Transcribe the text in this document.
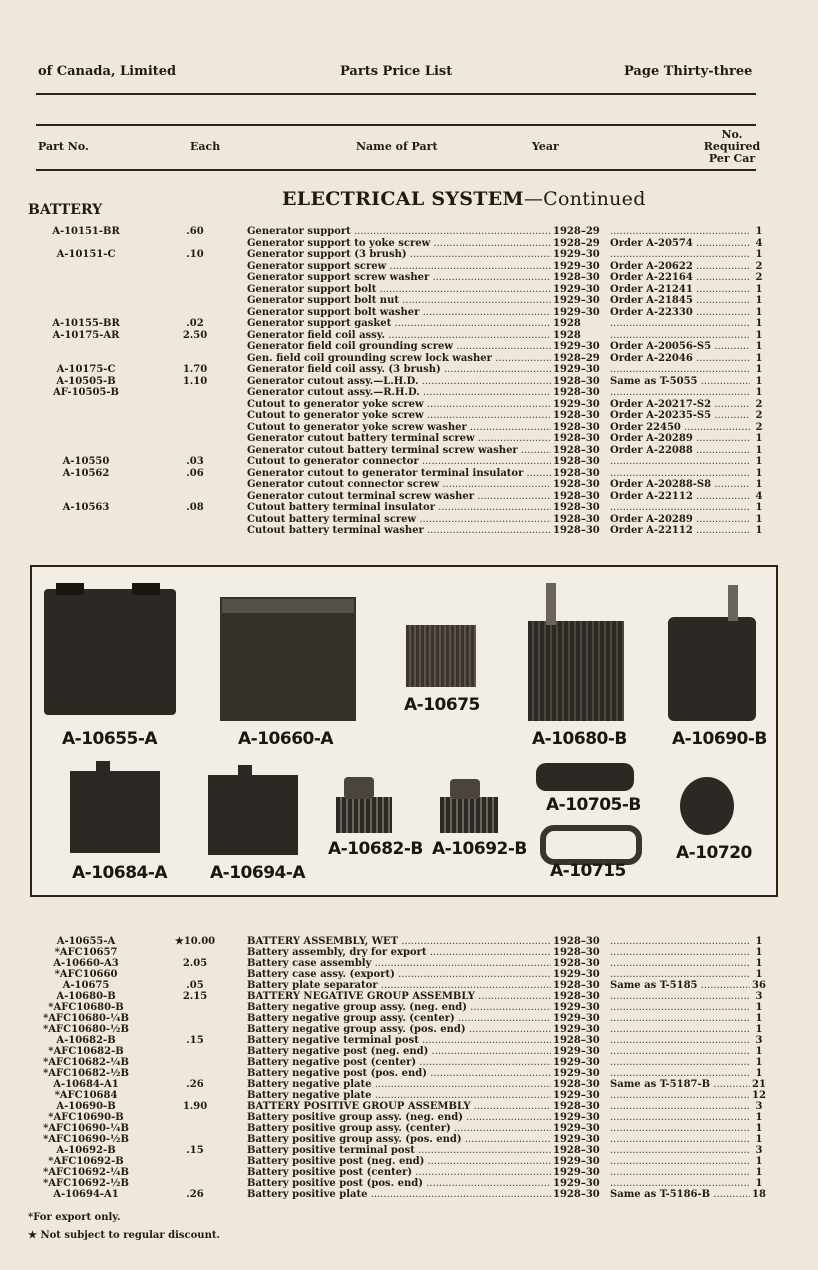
of Canada, Limited	Parts Price List	Page Thirty-three
Part No.	Each	Name of Part	Year
No.
Required
Per Car
ELECTRICAL SYSTEM—Continued
BATTERY
A-10151-BR	.60	Generator support .....	1928–29 .....	1
Generator support to yoke screw .....	1928–29	Order A-20574 .....	4
A-10151-C	.10	Generator support (3 brush) .....	1929–30 .....	1
Generator support screw .....	1929–30	Order A-20622 .....	2
Generator support screw washer .....	1928–30	Order A-22164 .....	2
Generator support bolt .....	1929–30	Order A-21241 .....	1
Generator support bolt nut .....	1929–30	Order A-21845 .....	1
Generator support bolt washer .....	1929–30	Order A-22330 .....	1
A-10155-BR	.02	Generator support gasket .....	1928 .....	1
A-10175-AR	2.50	Generator field coil assy. .....	1928 .....	1
Generator field coil grounding screw .....	1929–30	Order A-20056-S5 .....	1
Gen. field coil grounding screw lock washer .....	1928–29	Order A-22046 .....	1
A-10175-C	1.70	Generator field coil assy. (3 brush) .....	1929–30 .....	1
A-10505-B	1.10	Generator cutout assy.—L.H.D. .....	1928–30	Same as T-5055 .....	1
AF-10505-B	Generator cutout assy.—R.H.D. .....	1928–30 .....	1
Cutout to generator yoke screw .....	1929–30	Order A-20217-S2 .....	2
Cutout to generator yoke screw .....	1928–30	Order A-20235-S5 .....	2
Cutout to generator yoke screw washer .....	1928–30	Order 22450 .....	2
Generator cutout battery terminal screw .....	1928–30	Order A-20289 .....	1
Generator cutout battery terminal screw washer .....	1928–30	Order A-22088 .....	1
A-10550	.03	Cutout to generator connector .....	1928–30 .....	1
A-10562	.06	Generator cutout to generator terminal insulator .....	1928–30 .....	1
Generator cutout connector screw .....	1928–30	Order A-20288-S8 .....	1
Generator cutout terminal screw washer .....	1928–30	Order A-22112 .....	4
A-10563	.08	Cutout battery terminal insulator .....	1928–30 .....	1
Cutout battery terminal screw .....	1928–30	Order A-20289 .....	1
Cutout battery terminal washer .....	1928–30	Order A-22112 .....	1
A-10655-A	A-10660-A
A-10675
A-10680-B	A-10690-B
A-10684-A	A-10694-A
A-10682-B A-10692-B
A-10705-B
A-10715
A-10720
A-10655-A	★10.00	BATTERY ASSEMBLY, WET .....	1928–30 .....	1
*AFC10657	Battery assembly, dry for export .....	1928–30 .....	1
A-10660-A3	2.05	Battery case assembly .....	1928–30 .....	1
*AFC10660	Battery case assy. (export) .....	1929–30 .....	1
A-10675	.05	Battery plate separator .....	1928–30	Same as T-5185 .....	36
A-10680-B	2.15	BATTERY NEGATIVE GROUP ASSEMBLY .....	1928–30 .....	3
*AFC10680-B	Battery negative group assy. (neg. end) .....	1929–30 .....	1
*AFC10680-¼B	Battery negative group assy. (center) .....	1929–30 .....	1
*AFC10680-½B	Battery negative group assy. (pos. end) .....	1929–30 .....	1
A-10682-B	.15	Battery negative terminal post .....	1928–30 .....	3
*AFC10682-B	Battery negative post (neg. end) .....	1929–30 .....	1
*AFC10682-¼B	Battery negative post (center) .....	1929–30 .....	1
*AFC10682-½B	Battery negative post (pos. end) .....	1929–30 .....	1
A-10684-A1	.26	Battery negative plate .....	1928–30	Same as T-5187-B .....	21
*AFC10684	Battery negative plate .....	1929–30 .....	12
A-10690-B	1.90	BATTERY POSITIVE GROUP ASSEMBLY .....	1928–30 .....	3
*AFC10690-B	Battery positive group assy. (neg. end) .....	1929–30 .....	1
*AFC10690-¼B	Battery positive group assy. (center) .....	1929–30 .....	1
*AFC10690-½B	Battery positive group assy. (pos. end) .....	1929–30 .....	1
A-10692-B	.15	Battery positive terminal post .....	1928–30 .....	3
*AFC10692-B	Battery positive post (neg. end) .....	1929–30 .....	1
*AFC10692-¼B	Battery positive post (center) .....	1929–30 .....	1
*AFC10692-½B	Battery positive post (pos. end) .....	1929–30 .....	1
A-10694-A1	.26	Battery positive plate .....	1928–30	Same as T-5186-B .....	18
*For export only.
★ Not subject to regular discount.
